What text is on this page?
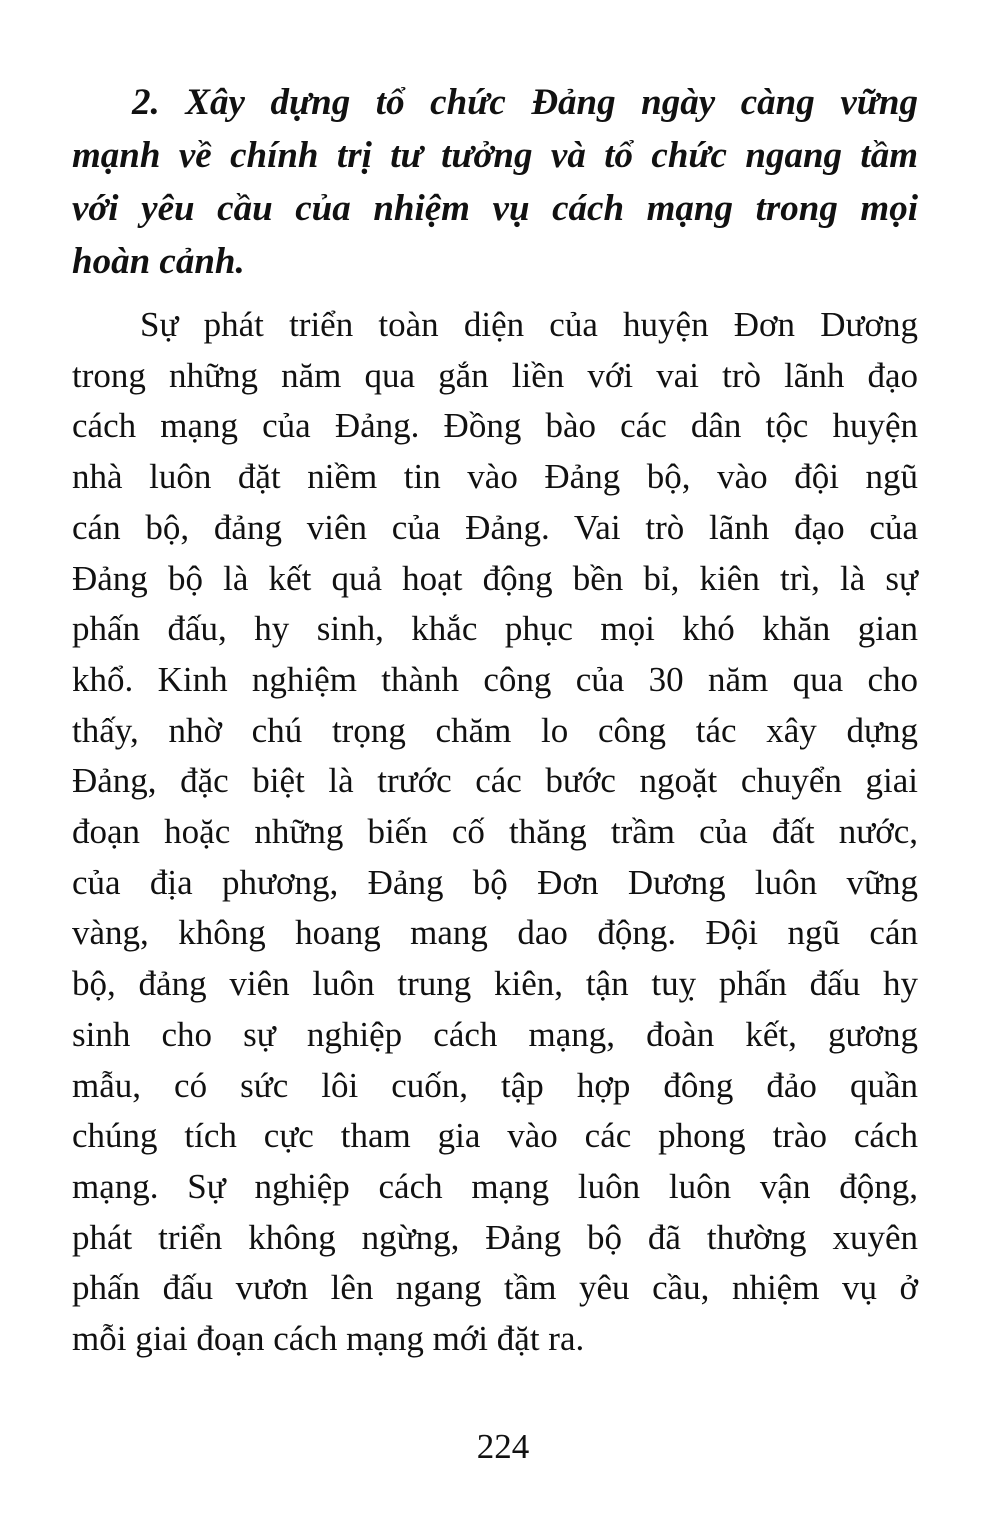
2. Xây dựng tổ chức Đảng ngày càng vững
mạnh về chính trị tư tưởng và tổ chức ngang tầm
với yêu cầu của nhiệm vụ cách mạng trong mọi
hoàn cảnh.
Sự phát triển toàn diện của huyện Đơn Dương
trong những năm qua gắn liền với vai trò lãnh đạo
cách mạng của Đảng. Đồng bào các dân tộc huyện
nhà luôn đặt niềm tin vào Đảng bộ, vào đội ngũ
cán bộ, đảng viên của Đảng. Vai trò lãnh đạo của
Đảng bộ là kết quả hoạt động bền bỉ, kiên trì, là sự
phấn đấu, hy sinh, khắc phục mọi khó khăn gian
khổ. Kinh nghiệm thành công của 30 năm qua cho
thấy, nhờ chú trọng chăm lo công tác xây dựng
Đảng, đặc biệt là trước các bước ngoặt chuyển giai
đoạn hoặc những biến cố thăng trầm của đất nước,
của địa phương, Đảng bộ Đơn Dương luôn vững
vàng, không hoang mang dao động. Đội ngũ cán
bộ, đảng viên luôn trung kiên, tận tuỵ phấn đấu hy
sinh cho sự nghiệp cách mạng, đoàn kết, gương
mẫu, có sức lôi cuốn, tập hợp đông đảo quần
chúng tích cực tham gia vào các phong trào cách
mạng. Sự nghiệp cách mạng luôn luôn vận động,
phát triển không ngừng, Đảng bộ đã thường xuyên
phấn đấu vươn lên ngang tầm yêu cầu, nhiệm vụ ở
mỗi giai đoạn cách mạng mới đặt ra.
224
